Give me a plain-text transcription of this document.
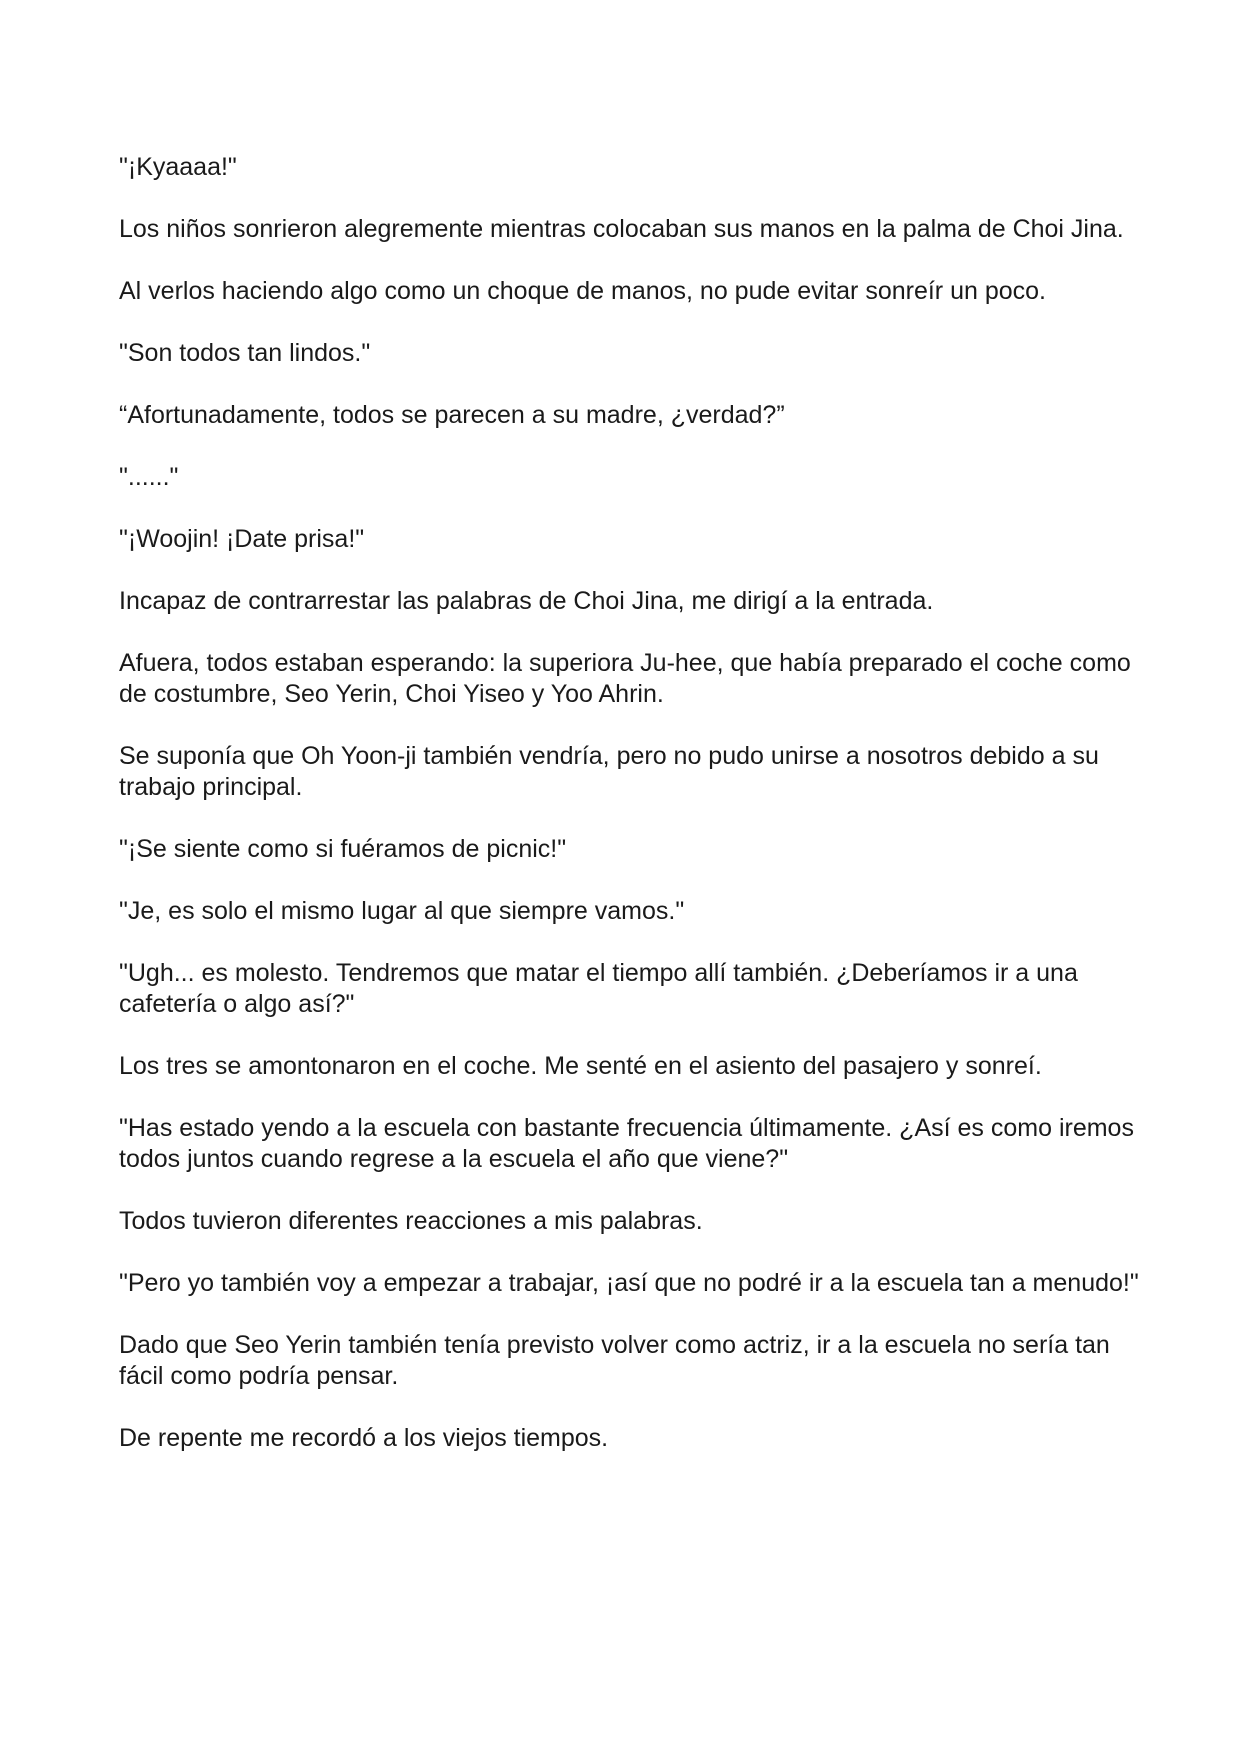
"¡Kyaaaa!"

Los niños sonrieron alegremente mientras colocaban sus manos en la palma de Choi Jina.

Al verlos haciendo algo como un choque de manos, no pude evitar sonreír un poco.

"Son todos tan lindos."

“Afortunadamente, todos se parecen a su madre, ¿verdad?”

"......"

"¡Woojin! ¡Date prisa!"

Incapaz de contrarrestar las palabras de Choi Jina, me dirigí a la entrada.

Afuera, todos estaban esperando: la superiora Ju-hee, que había preparado el coche como de costumbre, Seo Yerin, Choi Yiseo y Yoo Ahrin.

Se suponía que Oh Yoon-ji también vendría, pero no pudo unirse a nosotros debido a su trabajo principal.

"¡Se siente como si fuéramos de picnic!"

"Je, es solo el mismo lugar al que siempre vamos."

"Ugh... es molesto. Tendremos que matar el tiempo allí también. ¿Deberíamos ir a una cafetería o algo así?"

Los tres se amontonaron en el coche. Me senté en el asiento del pasajero y sonreí.

"Has estado yendo a la escuela con bastante frecuencia últimamente. ¿Así es como iremos todos juntos cuando regrese a la escuela el año que viene?"

Todos tuvieron diferentes reacciones a mis palabras.

"Pero yo también voy a empezar a trabajar, ¡así que no podré ir a la escuela tan a menudo!"

Dado que Seo Yerin también tenía previsto volver como actriz, ir a la escuela no sería tan fácil como podría pensar.

De repente me recordó a los viejos tiempos.
